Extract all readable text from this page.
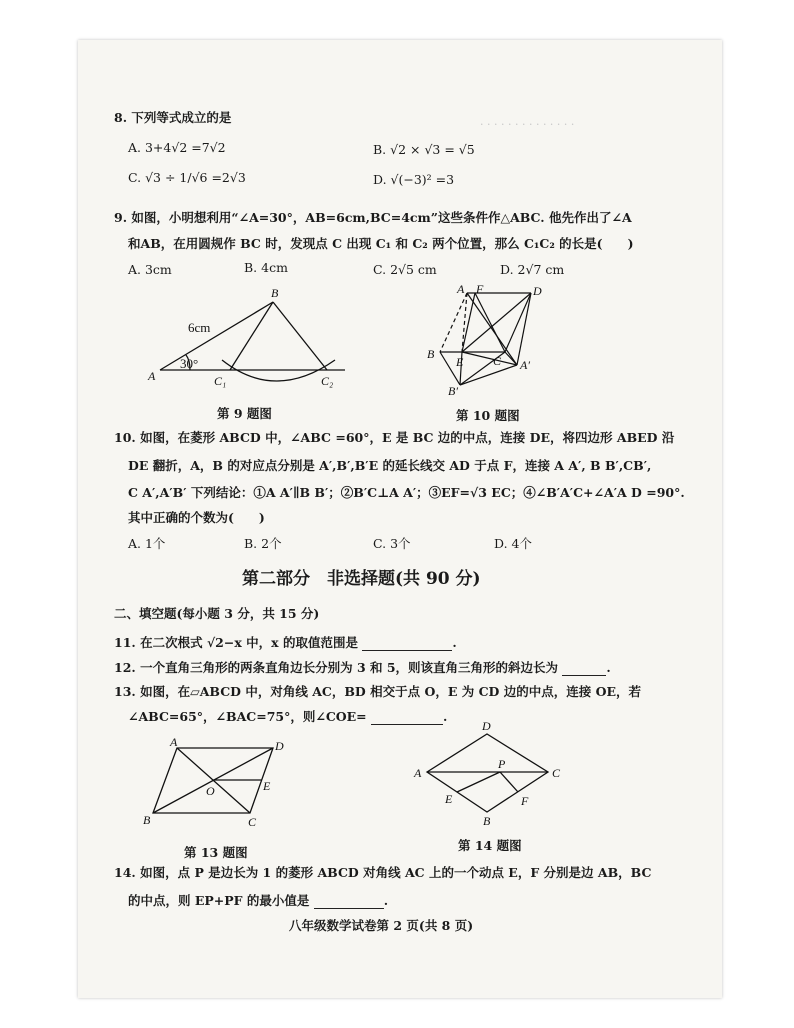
· · · · · · · · · · · · · ·
8. 下列等式成立的是
A. 3+4√2 =7√2	B. √2 × √3 = √5
C. √3 ÷ 1/√6 =2√3	D. √(−3)² =3
9. 如图，小明想利用“∠A=30°，AB=6cm,BC=4cm”这些条件作△ABC. 他先作出了∠A
和AB，在用圆规作 BC 时，发现点 C 出现 C₁ 和 C₂ 两个位置，那么 C₁C₂ 的长是(　　)
A. 3cm	B. 4cm	C. 2√5 cm	D. 2√7 cm
A
B
C₁	C₂
6cm
30°
第 9 题图
A F	D
B
E C A′
B′
第 10 题图
10. 如图，在菱形 ABCD 中，∠ABC =60°，E 是 BC 边的中点，连接 DE，将四边形 ABED 沿
DE 翻折，A，B 的对应点分别是 A′,B′,B′E 的延长线交 AD 于点 F，连接 A A′, B B′,CB′,
C A′,A′B′ 下列结论：①A A′∥B B′；②B′C⊥A A′；③EF=√3 EC；④∠B′A′C+∠A′A D =90°.
其中正确的个数为(　　)
A. 1个	B. 2个	C. 3个	D. 4个
第二部分　非选择题(共 90 分)
二、填空题(每小题 3 分，共 15 分)
11. 在二次根式 √2−x 中，x 的取值范围是	.
12. 一个直角三角形的两条直角边长分别为 3 和 5，则该直角三角形的斜边长为	.
13. 如图，在▱ABCD 中，对角线 AC，BD 相交于点 O，E 为 CD 边的中点，连接 OE，若
∠ABC=65°，∠BAC=75°，则∠COE=	.
A	D
O	E
B	C
第 13 题图
D
A
P
C
E	F
B
第 14 题图
14. 如图，点 P 是边长为 1 的菱形 ABCD 对角线 AC 上的一个动点 E，F 分别是边 AB，BC
的中点，则 EP+PF 的最小值是	.
八年级数学试卷第 2 页(共 8 页)
